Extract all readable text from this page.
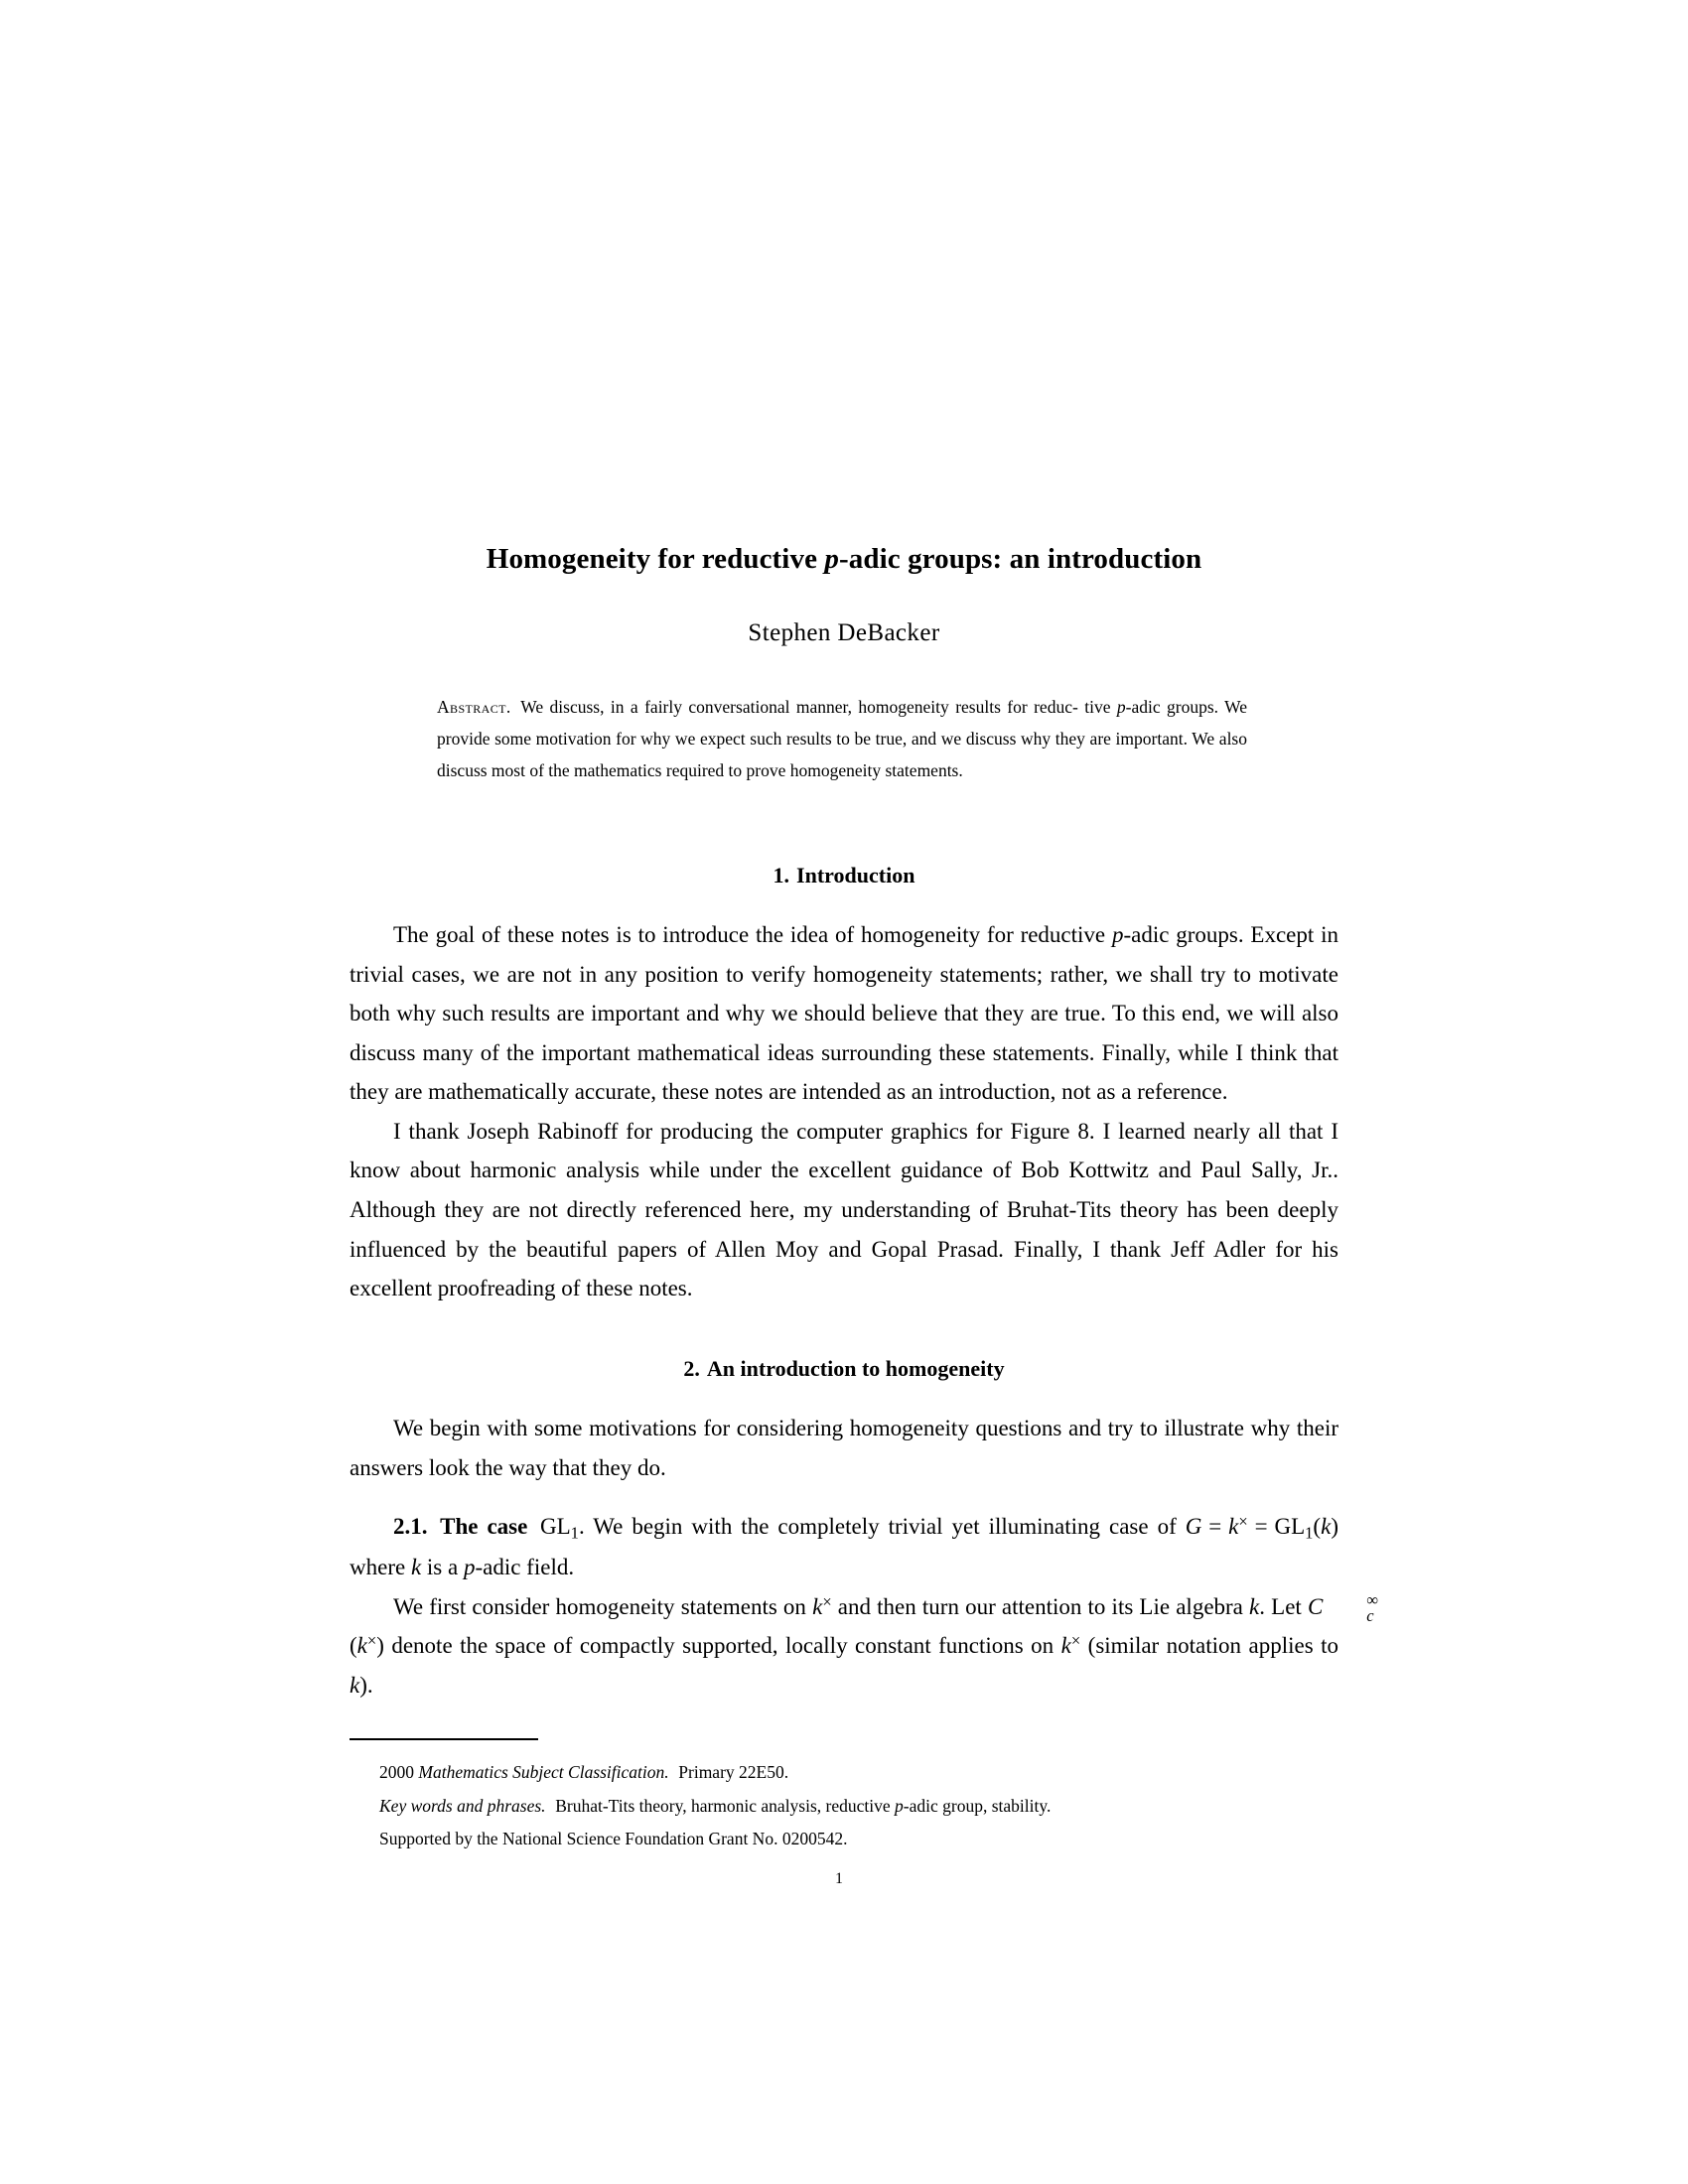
Homogeneity for reductive p-adic groups: an introduction
Stephen DeBacker
Abstract . We discuss, in a fairly conversational manner, homogeneity results for reduc- tive p-adic groups. We provide some motivation for why we expect such results to be true, and we discuss why they are important. We also discuss most of the mathematics required to prove homogeneity statements.
1. Introduction

The goal of these notes is to introduce the idea of homogeneity for reductive p-adic groups. Except in trivial cases, we are not in any position to verify homogeneity statements; rather, we shall try to motivate both why such results are important and why we should believe that they are true. To this end, we will also discuss many of the important mathematical ideas surrounding these statements. Finally, while I think that they are mathematically accurate, these notes are intended as an introduction, not as a reference.

I thank Joseph Rabinoff for producing the computer graphics for Figure 8. I learned nearly all that I know about harmonic analysis while under the excellent guidance of Bob Kottwitz and Paul Sally, Jr.. Although they are not directly referenced here, my understanding of Bruhat-Tits theory has been deeply influenced by the beautiful papers of Allen Moy and Gopal Prasad. Finally, I thank Jeff Adler for his excellent proofreading of these notes.

2. An introduction to homogeneity

We begin with some motivations for considering homogeneity questions and try to illustrate why their answers look the way that they do.

2.1. The case $GL_1$. We begin with the completely trivial yet illuminating case of $G = k^\times = GL_1(k)$ where k is a p-adic field.

We first consider homogeneity statements on k× and then turn our attention to its Lie algebra k. Let C	∞
c
(k×) denote the space of compactly supported, locally constant functions on k× (similar notation applies to k).

2000 Mathematics Subject Classification. Primary 22E50.
Key words and phrases. Bruhat-Tits theory, harmonic analysis, reductive p-adic group, stability.
Supported by the National Science Foundation Grant No. 0200542.
1
